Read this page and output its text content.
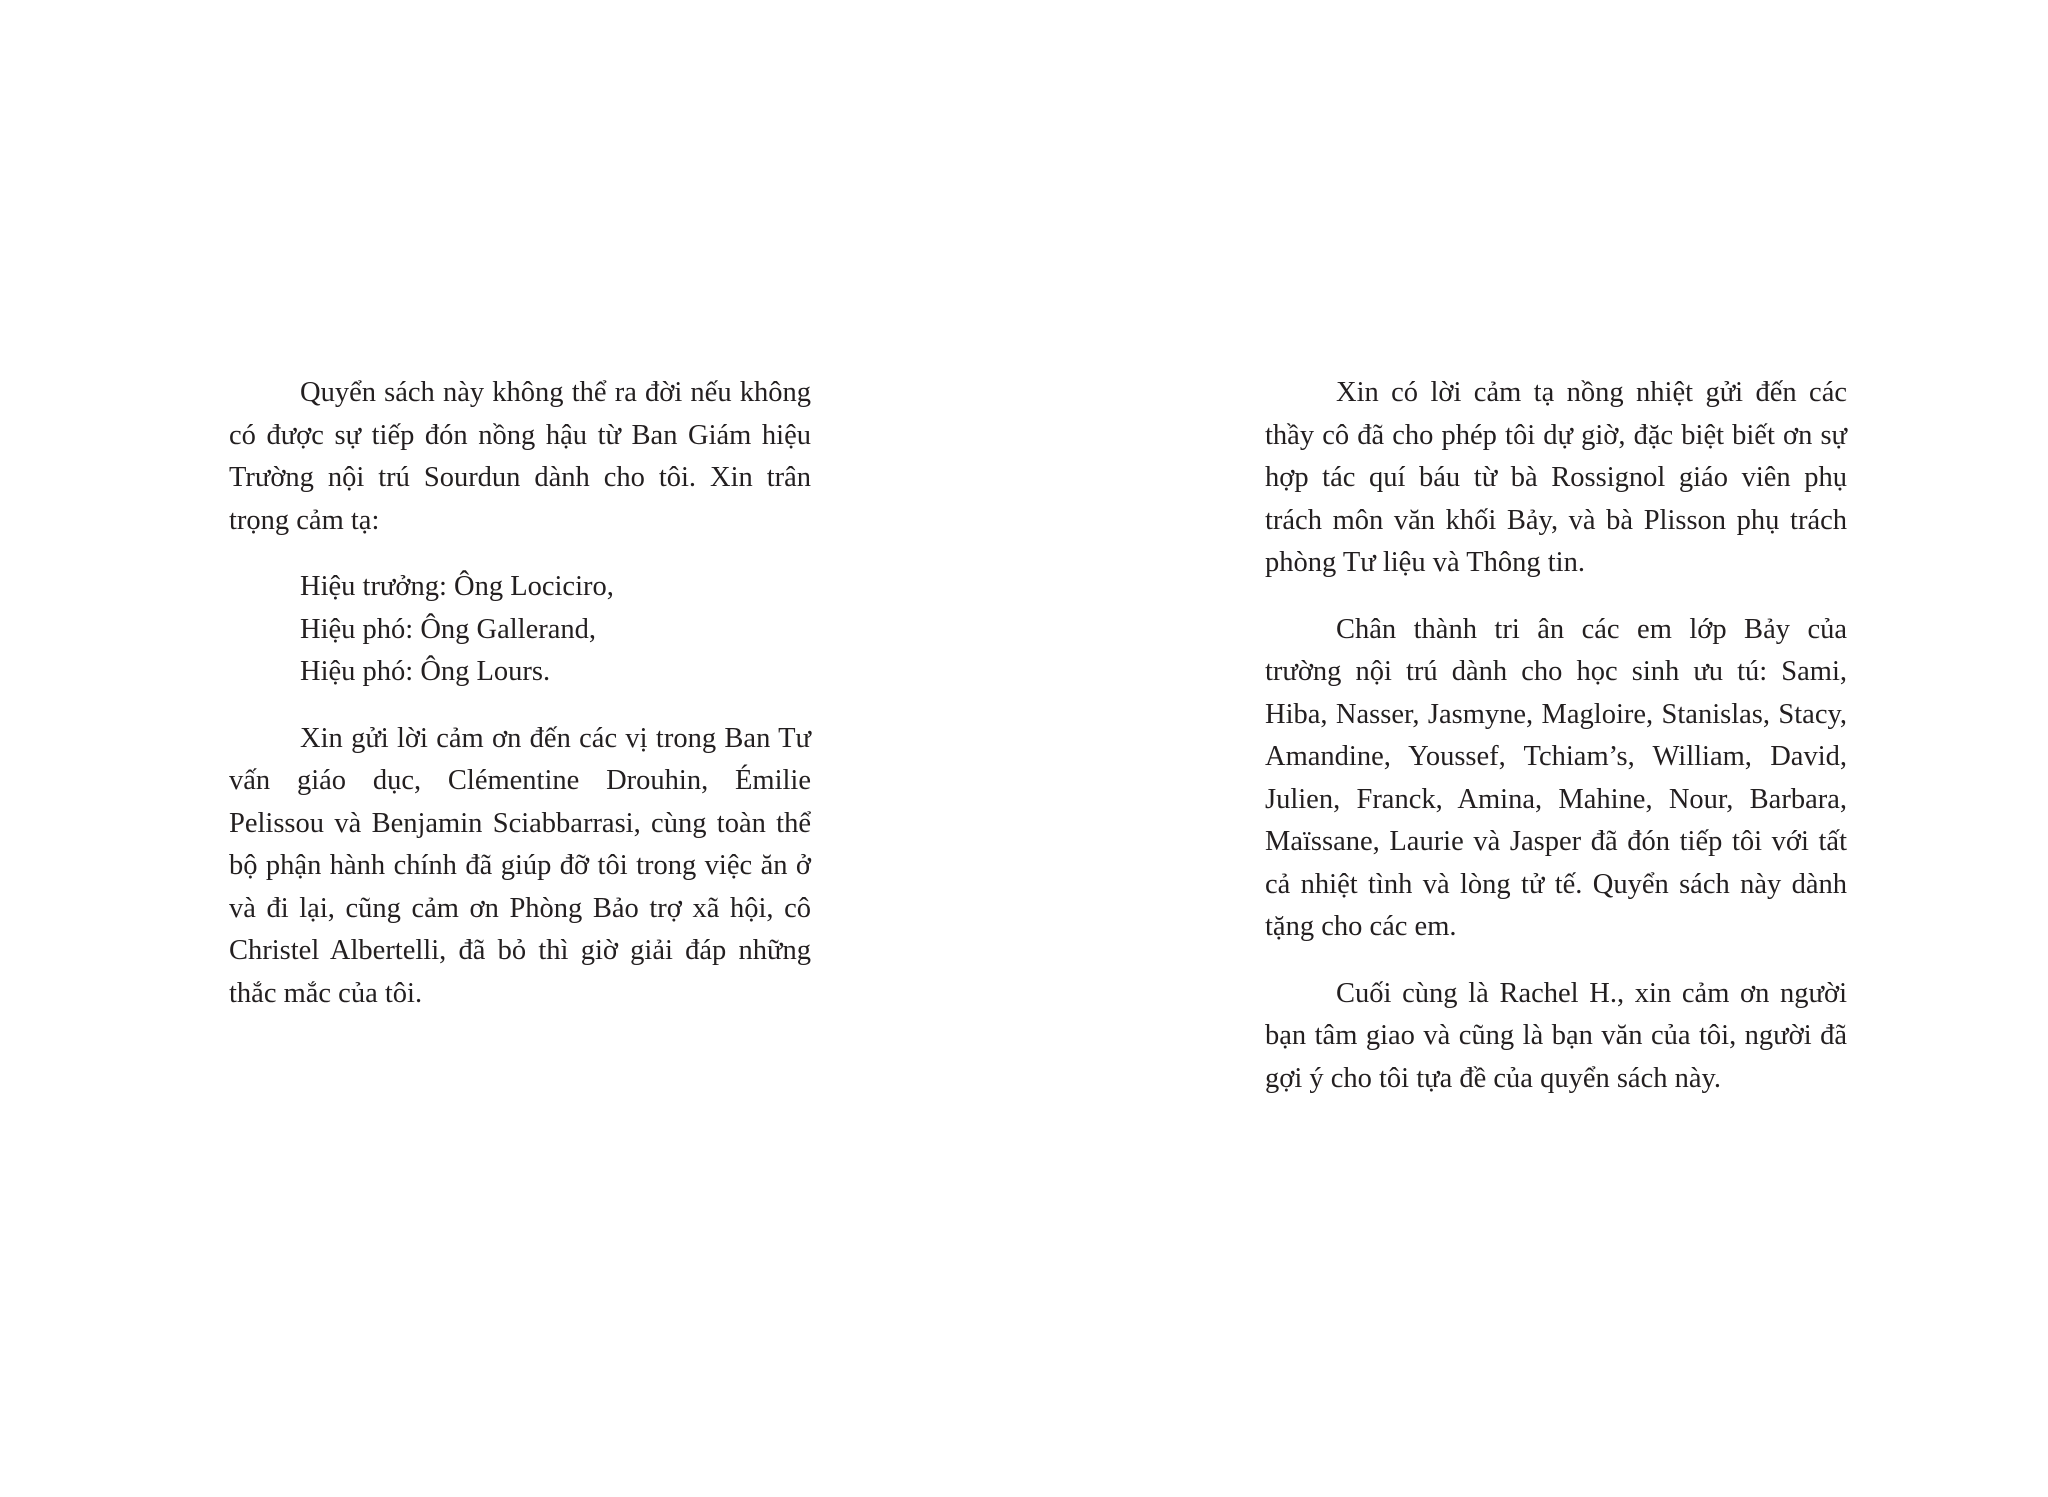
Quyển sách này không thể ra đời nếu không có được sự tiếp đón nồng hậu từ Ban Giám hiệu Trường nội trú Sourdun dành cho tôi. Xin trân trọng cảm tạ:

Hiệu trưởng: Ông Lociciro,
Hiệu phó: Ông Gallerand,
Hiệu phó: Ông Lours.

Xin gửi lời cảm ơn đến các vị trong Ban Tư vấn giáo dục, Clémentine Drouhin, Émilie Pelissou và Benjamin Sciabbarrasi, cùng toàn thể bộ phận hành chính đã giúp đỡ tôi trong việc ăn ở và đi lại, cũng cảm ơn Phòng Bảo trợ xã hội, cô Christel Albertelli, đã bỏ thì giờ giải đáp những thắc mắc của tôi.

Xin có lời cảm tạ nồng nhiệt gửi đến các thầy cô đã cho phép tôi dự giờ, đặc biệt biết ơn sự hợp tác quí báu từ bà Rossignol giáo viên phụ trách môn văn khối Bảy, và bà Plisson phụ trách phòng Tư liệu và Thông tin.

Chân thành tri ân các em lớp Bảy của trường nội trú dành cho học sinh ưu tú: Sami, Hiba, Nasser, Jasmyne, Magloire, Stanislas, Stacy, Amandine, Youssef, Tchiam’s, William, David, Julien, Franck, Amina, Mahine, Nour, Barbara, Maïssane, Laurie và Jasper đã đón tiếp tôi với tất cả nhiệt tình và lòng tử tế. Quyển sách này dành tặng cho các em.

Cuối cùng là Rachel H., xin cảm ơn người bạn tâm giao và cũng là bạn văn của tôi, người đã gợi ý cho tôi tựa đề của quyển sách này.
